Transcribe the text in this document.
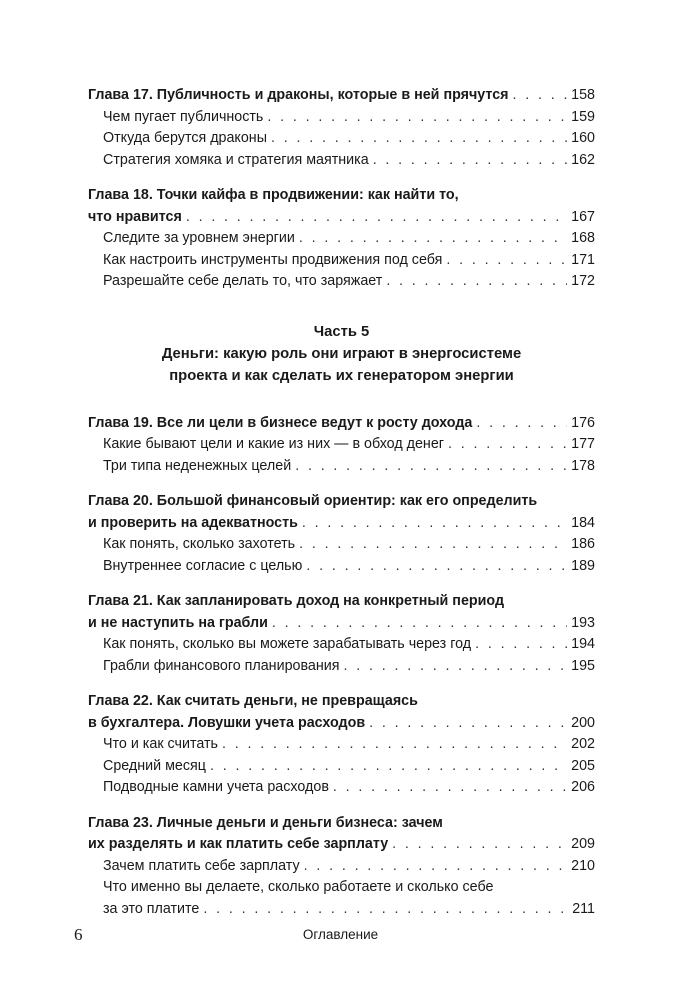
Глава 17. Публичность и драконы, которые в ней прячутся . . .	158
Чем пугает публичность . . .	159
Откуда берутся драконы . . .	160
Стратегия хомяка и стратегия маятника . . .	162
Глава 18. Точки кайфа в продвижении: как найти то,
что нравится . . .	167
Следите за уровнем энергии . . .	168
Как настроить инструменты продвижения под себя . . .	171
Разрешайте себе делать то, что заряжает . . .	172
Часть 5
Деньги: какую роль они играют в энергосистеме
проекта и как сделать их генератором энергии
Глава 19. Все ли цели в бизнесе ведут к росту дохода . . .	176
Какие бывают цели и какие из них — в обход денег . . .	177
Три типа неденежных целей . . .	178
Глава 20. Большой финансовый ориентир: как его определить
и проверить на адекватность . . .	184
Как понять, сколько захотеть . . .	186
Внутреннее согласие с целью . . .	189
Глава 21. Как запланировать доход на конкретный период
и не наступить на грабли . . .	193
Как понять, сколько вы можете зарабатывать через год . . .	194
Грабли финансового планирования . . .	195
Глава 22. Как считать деньги, не превращаясь
в бухгалтера. Ловушки учета расходов . . .	200
Что и как считать . . .	202
Средний месяц . . .	205
Подводные камни учета расходов . . .	206
Глава 23. Личные деньги и деньги бизнеса: зачем
их разделять и как платить себе зарплату . . .	209
Зачем платить себе зарплату . . .	210
Что именно вы делаете, сколько работаете и сколько себе
за это платите . . .	211
6	Оглавление
